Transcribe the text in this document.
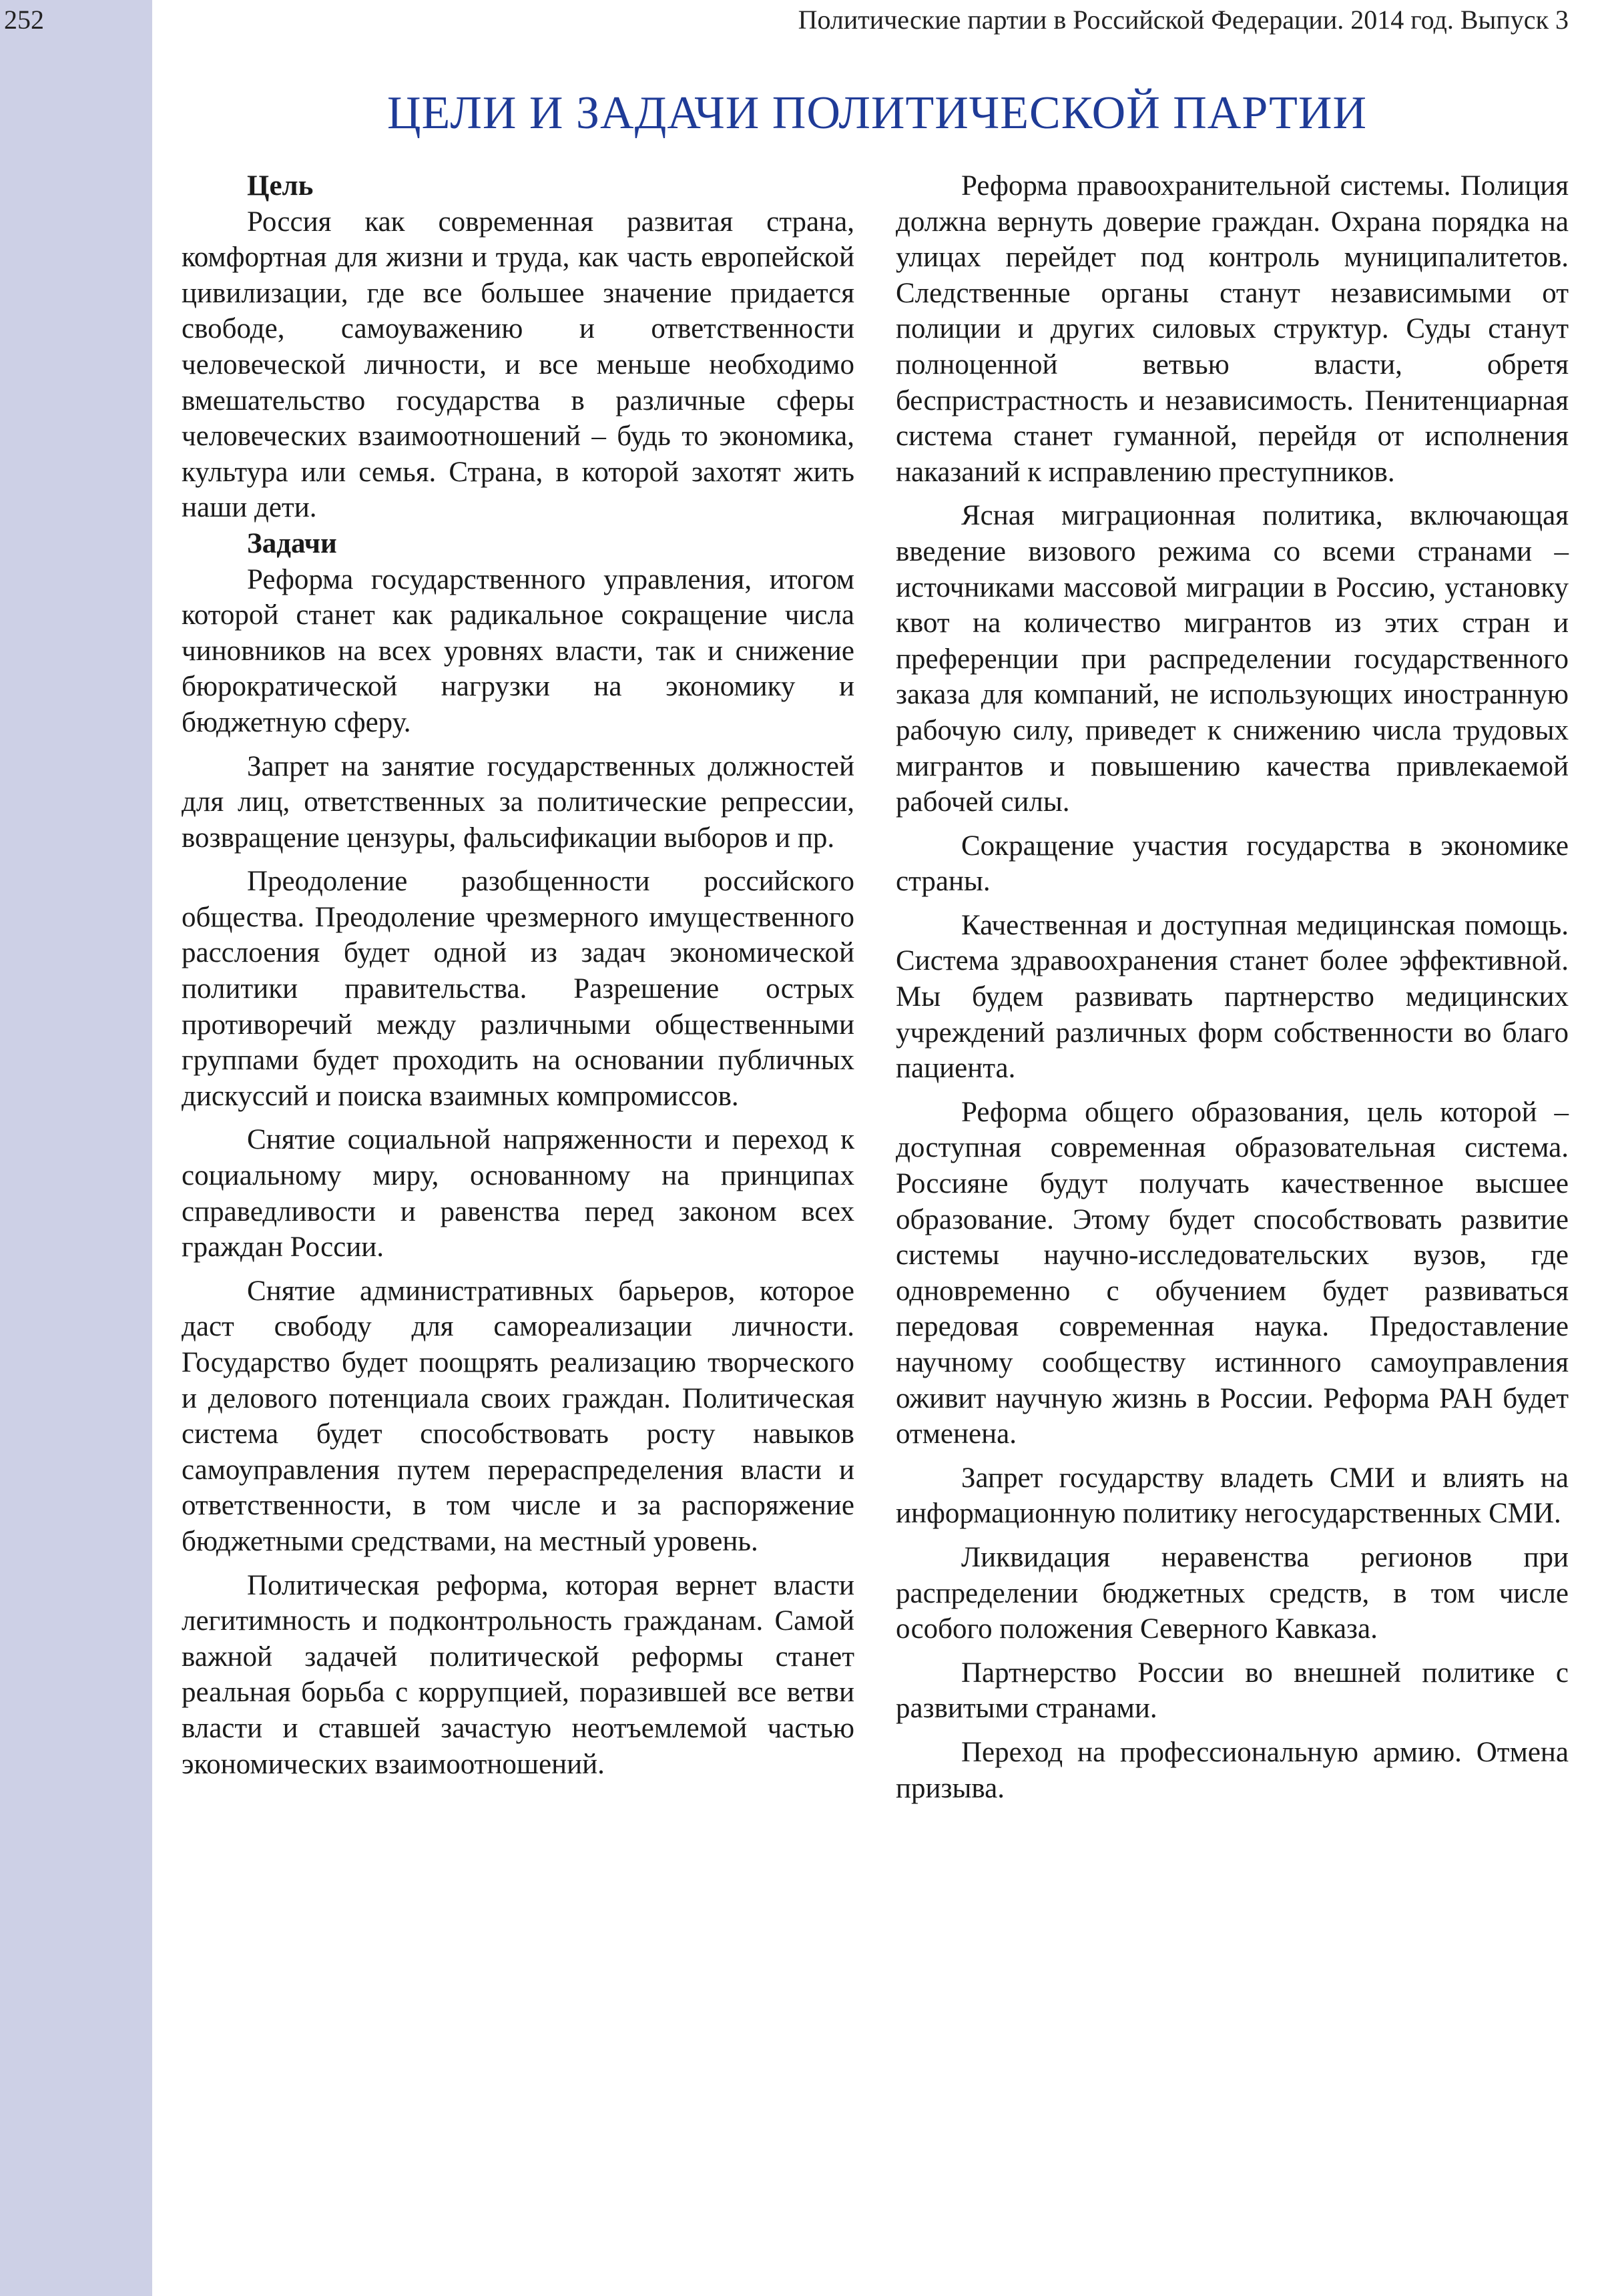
252	Политические партии в Российской Федерации. 2014 год. Выпуск 3
ЦЕЛИ И ЗАДАЧИ ПОЛИТИЧЕСКОЙ ПАРТИИ

Цель

Россия как современная развитая страна, комфортная для жизни и труда, как часть европейской цивилизации, где все большее значение придается свободе, самоуважению и ответственности человеческой личности, и все меньше необходимо вмешательство государства в различные сферы человеческих взаимоотношений – будь то экономика, культура или семья. Страна, в которой захотят жить наши дети.

Задачи

Реформа государственного управления, итогом которой станет как радикальное сокращение числа чиновников на всех уровнях власти, так и снижение бюрократической нагрузки на экономику и бюджетную сферу.

Запрет на занятие государственных должностей для лиц, ответственных за политические репрессии, возвращение цензуры, фальсификации выборов и пр.

Преодоление разобщенности российского общества. Преодоление чрезмерного имущественного расслоения будет одной из задач экономической политики правительства. Разрешение острых противоречий между различными общественными группами будет проходить на основании публичных дискуссий и поиска взаимных компромиссов.

Снятие социальной напряженности и переход к социальному миру, основанному на принципах справедливости и равенства перед законом всех граждан России.

Снятие административных барьеров, которое даст свободу для самореализации личности. Государство будет поощрять реализацию творческого и делового потенциала своих граждан. Политическая система будет способствовать росту навыков самоуправления путем перераспределения власти и ответственности, в том числе и за распоряжение бюджетными средствами, на местный уровень.

Политическая реформа, которая вернет власти легитимность и подконтрольность гражданам. Самой важной задачей политической реформы станет реальная борьба с коррупцией, поразившей все ветви власти и ставшей зачастую неотъемлемой частью экономических взаимоотношений.

Реформа правоохранительной системы. Полиция должна вернуть доверие граждан. Охрана порядка на улицах перейдет под контроль муниципалитетов. Следственные органы станут независимыми от полиции и других силовых структур. Суды станут полноценной ветвью власти, обретя беспристрастность и независимость. Пенитенциарная система станет гуманной, перейдя от исполнения наказаний к исправлению преступников.

Ясная миграционная политика, включающая введение визового режима со всеми странами – источниками массовой миграции в Россию, установку квот на количество мигрантов из этих стран и преференции при распределении государственного заказа для компаний, не использующих иностранную рабочую силу, приведет к снижению числа трудовых мигрантов и повышению качества привлекаемой рабочей силы.

Сокращение участия государства в экономике страны.

Качественная и доступная медицинская помощь. Система здравоохранения станет более эффективной. Мы будем развивать партнерство медицинских учреждений различных форм собственности во благо пациента.

Реформа общего образования, цель которой – доступная современная образовательная система. Россияне будут получать качественное высшее образование. Этому будет способствовать развитие системы научно-исследовательских вузов, где одновременно с обучением будет развиваться передовая современная наука. Предоставление научному сообществу истинного самоуправления оживит научную жизнь в России. Реформа РАН будет отменена.

Запрет государству владеть СМИ и влиять на информационную политику негосударственных СМИ.

Ликвидация неравенства регионов при распределении бюджетных средств, в том числе особого положения Северного Кавказа.

Партнерство России во внешней политике с развитыми странами.

Переход на профессиональную армию. Отмена призыва.
